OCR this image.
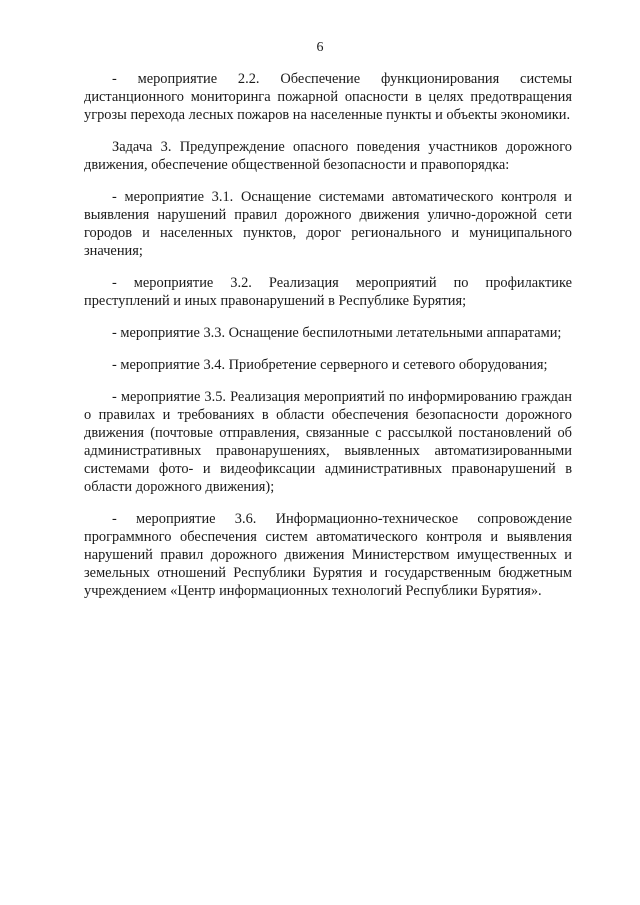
6

- мероприятие 2.2. Обеспечение функционирования системы дистанционного мониторинга пожарной опасности в целях предотвращения угрозы перехода лесных пожаров на населенные пункты и объекты экономики.

Задача 3. Предупреждение опасного поведения участников дорожного движения, обеспечение общественной безопасности и правопорядка:

- мероприятие 3.1. Оснащение системами автоматического контроля и выявления нарушений правил дорожного движения улично-дорожной сети городов и населенных пунктов, дорог регионального и муниципального значения;

- мероприятие 3.2. Реализация мероприятий по профилактике преступлений и иных правонарушений в Республике Бурятия;

- мероприятие 3.3. Оснащение беспилотными летательными аппаратами;

- мероприятие 3.4. Приобретение серверного и сетевого оборудования;

- мероприятие 3.5. Реализация мероприятий по информированию граждан о правилах и требованиях в области обеспечения безопасности дорожного движения (почтовые отправления, связанные с рассылкой постановлений об административных правонарушениях, выявленных автоматизированными системами фото- и видеофиксации административных правонарушений в области дорожного движения);

- мероприятие 3.6. Информационно-техническое сопровождение программного обеспечения систем автоматического контроля и выявления нарушений правил дорожного движения Министерством имущественных и земельных отношений Республики Бурятия и государственным бюджетным учреждением «Центр информационных технологий Республики Бурятия».
